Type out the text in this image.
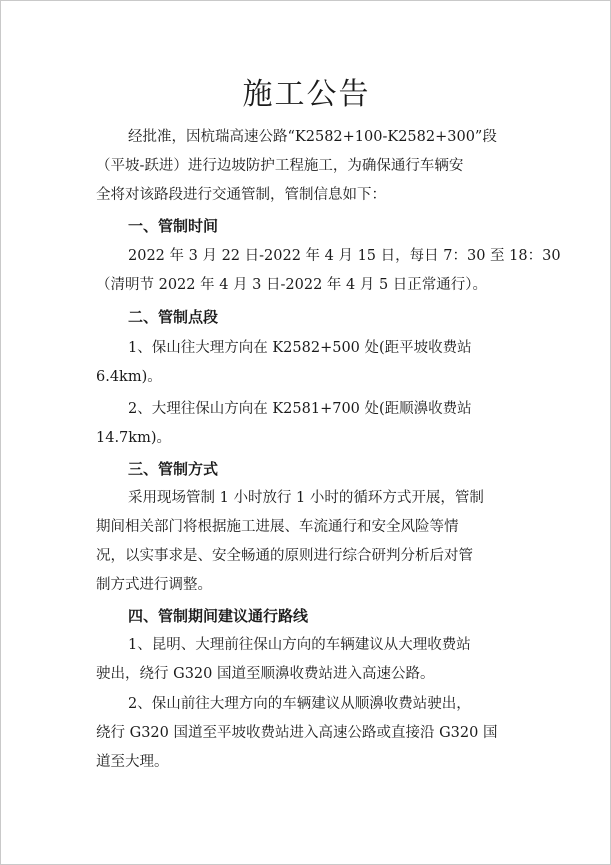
施工公告
经批准，因杭瑞高速公路“K2582+100-K2582+300”段
（平坡-跃进）进行边坡防护工程施工，为确保通行车辆安
全将对该路段进行交通管制，管制信息如下：
一、管制时间
2022 年 3 月 22 日-2022 年 4 月 15 日，每日 7：30 至 18：30
（清明节 2022 年 4 月 3 日-2022 年 4 月 5 日正常通行）。
二、管制点段
1、保山往大理方向在 K2582+500 处(距平坡收费站
6.4km)。
2、大理往保山方向在 K2581+700 处(距顺濞收费站
14.7km)。
三、管制方式
采用现场管制 1 小时放行 1 小时的循环方式开展，管制
期间相关部门将根据施工进展、车流通行和安全风险等情
况，以实事求是、安全畅通的原则进行综合研判分析后对管
制方式进行调整。
四、管制期间建议通行路线
1、昆明、大理前往保山方向的车辆建议从大理收费站
驶出，绕行 G320 国道至顺濞收费站进入高速公路。
2、保山前往大理方向的车辆建议从顺濞收费站驶出，
绕行 G320 国道至平坡收费站进入高速公路或直接沿 G320 国
道至大理。
